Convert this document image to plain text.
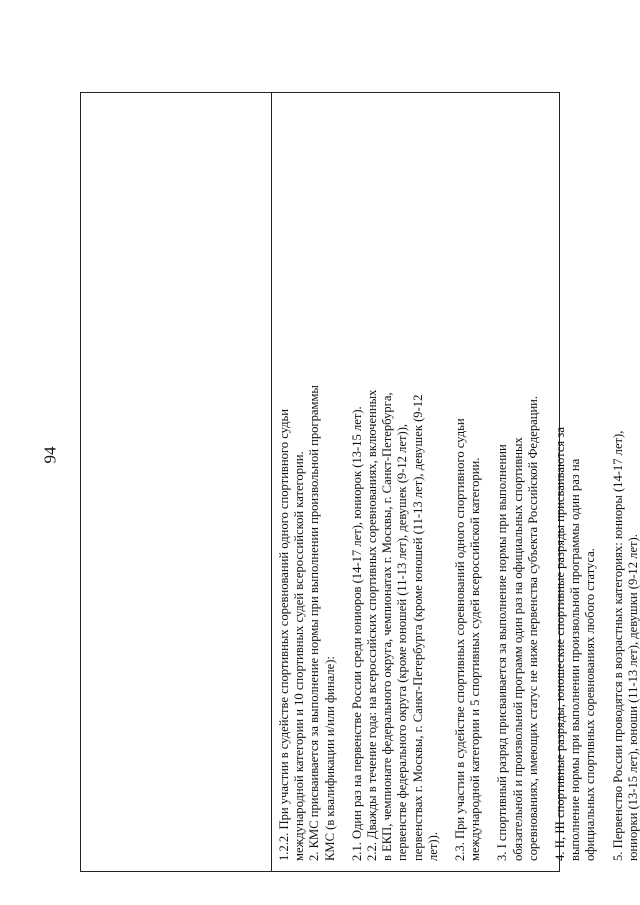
94	1.2.2. При участии в судействе спортивных соревнований одного спортивного судьи международной категории и 10 спортивных судей всероссийской категории. 2. КМС присваивается за выполнение нормы при выполнении произвольной программы КМС (в квалификации и/или финале): 2.1. Один раз на первенстве России среди юниоров (14-17 лет), юниорок (13-15 лет). 2.2. Дважды в течение года: на всероссийских спортивных соревнованиях, включенных в ЕКП, чемпионате федерального округа, чемпионатах г. Москвы, г. Санкт-Петербурга, первенстве федерального округа (кроме юношей (11-13 лет), девушек (9-12 лет)), первенствах г. Москвы, г. Санкт-Петербурга (кроме юношей (11-13 лет), девушек (9-12 лет)). 2.3. При участии в судействе спортивных соревнований одного спортивного судьи международной категории и 5 спортивных судей всероссийской категории. 3. I спортивный разряд присваивается за выполнение нормы при выполнении обязательной и произвольной программ один раз на официальных спортивных соревнованиях, имеющих статус не ниже первенства субъекта Российской Федерации. 4. II, III спортивные разряды, юношеские спортивные разряды присваиваются за выполнение нормы при выполнении произвольной программы один раз на официальных спортивных соревнованиях любого статуса. 5. Первенство России проводятся в возрастных категориях: юниоры (14-17 лет), юниорки (13-15 лет), юноши (11-13 лет), девушки (9-12 лет).
